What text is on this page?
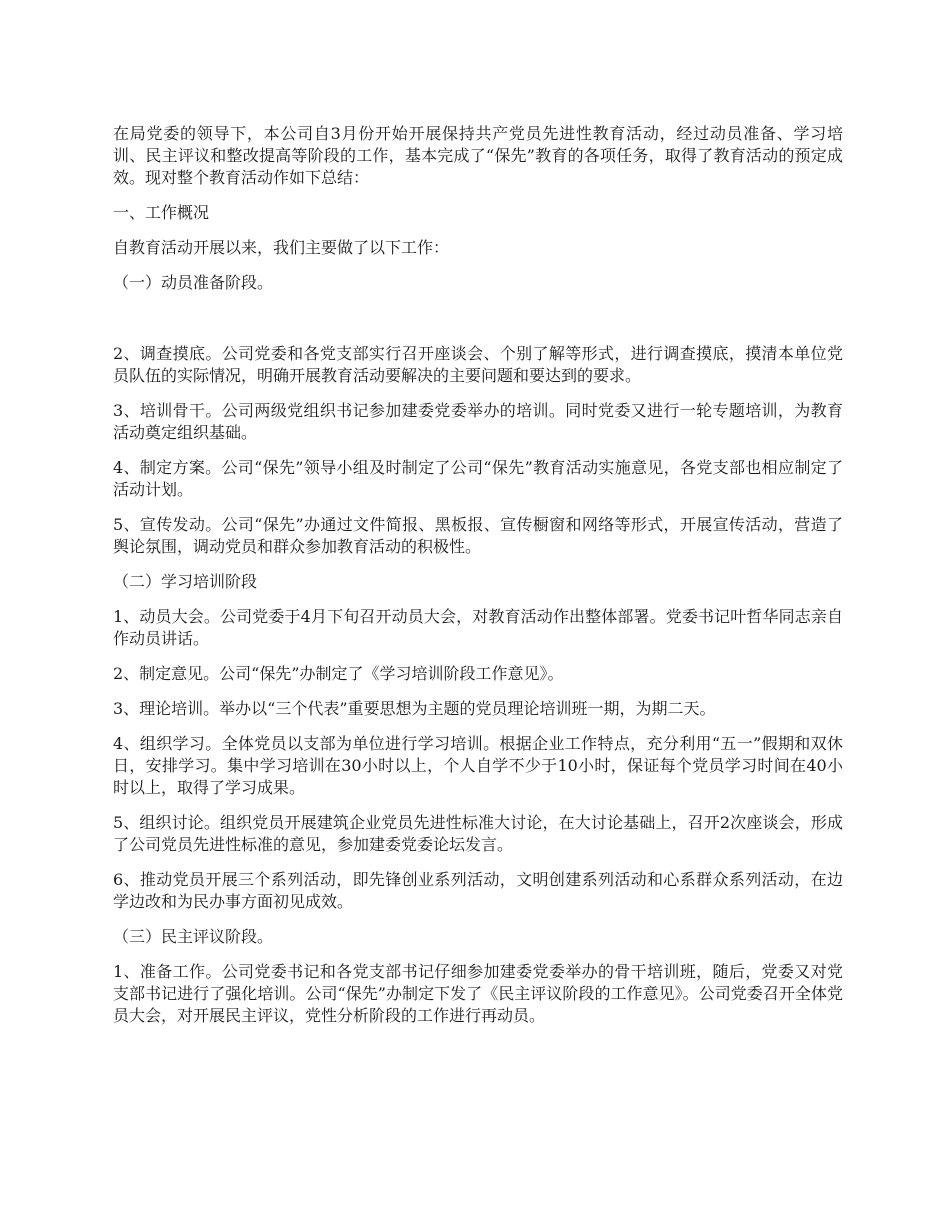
在局党委的领导下，本公司自3月份开始开展保持共产党员先进性教育活动，经过动员准备、学习培训、民主评议和整改提高等阶段的工作，基本完成了“保先”教育的各项任务，取得了教育活动的预定成效。现对整个教育活动作如下总结：

一、工作概况

自教育活动开展以来，我们主要做了以下工作：

（一）动员准备阶段。

2、调查摸底。公司党委和各党支部实行召开座谈会、个别了解等形式，进行调查摸底，摸清本单位党员队伍的实际情况，明确开展教育活动要解决的主要问题和要达到的要求。

3、培训骨干。公司两级党组织书记参加建委党委举办的培训。同时党委又进行一轮专题培训，为教育活动奠定组织基础。

4、制定方案。公司“保先”领导小组及时制定了公司“保先”教育活动实施意见，各党支部也相应制定了活动计划。

5、宣传发动。公司“保先”办通过文件简报、黑板报、宣传橱窗和网络等形式，开展宣传活动，营造了舆论氛围，调动党员和群众参加教育活动的积极性。

（二）学习培训阶段

1、动员大会。公司党委于4月下旬召开动员大会，对教育活动作出整体部署。党委书记叶哲华同志亲自作动员讲话。

2、制定意见。公司“保先”办制定了《学习培训阶段工作意见》。

3、理论培训。举办以“三个代表”重要思想为主题的党员理论培训班一期，为期二天。

4、组织学习。全体党员以支部为单位进行学习培训。根据企业工作特点，充分利用“五一”假期和双休日，安排学习。集中学习培训在30小时以上，个人自学不少于10小时，保证每个党员学习时间在40小时以上，取得了学习成果。

5、组织讨论。组织党员开展建筑企业党员先进性标准大讨论，在大讨论基础上，召开2次座谈会，形成了公司党员先进性标准的意见，参加建委党委论坛发言。

6、推动党员开展三个系列活动，即先锋创业系列活动，文明创建系列活动和心系群众系列活动，在边学边改和为民办事方面初见成效。

（三）民主评议阶段。

1、准备工作。公司党委书记和各党支部书记仔细参加建委党委举办的骨干培训班，随后，党委又对党支部书记进行了强化培训。公司“保先”办制定下发了《民主评议阶段的工作意见》。公司党委召开全体党员大会，对开展民主评议，党性分析阶段的工作进行再动员。
